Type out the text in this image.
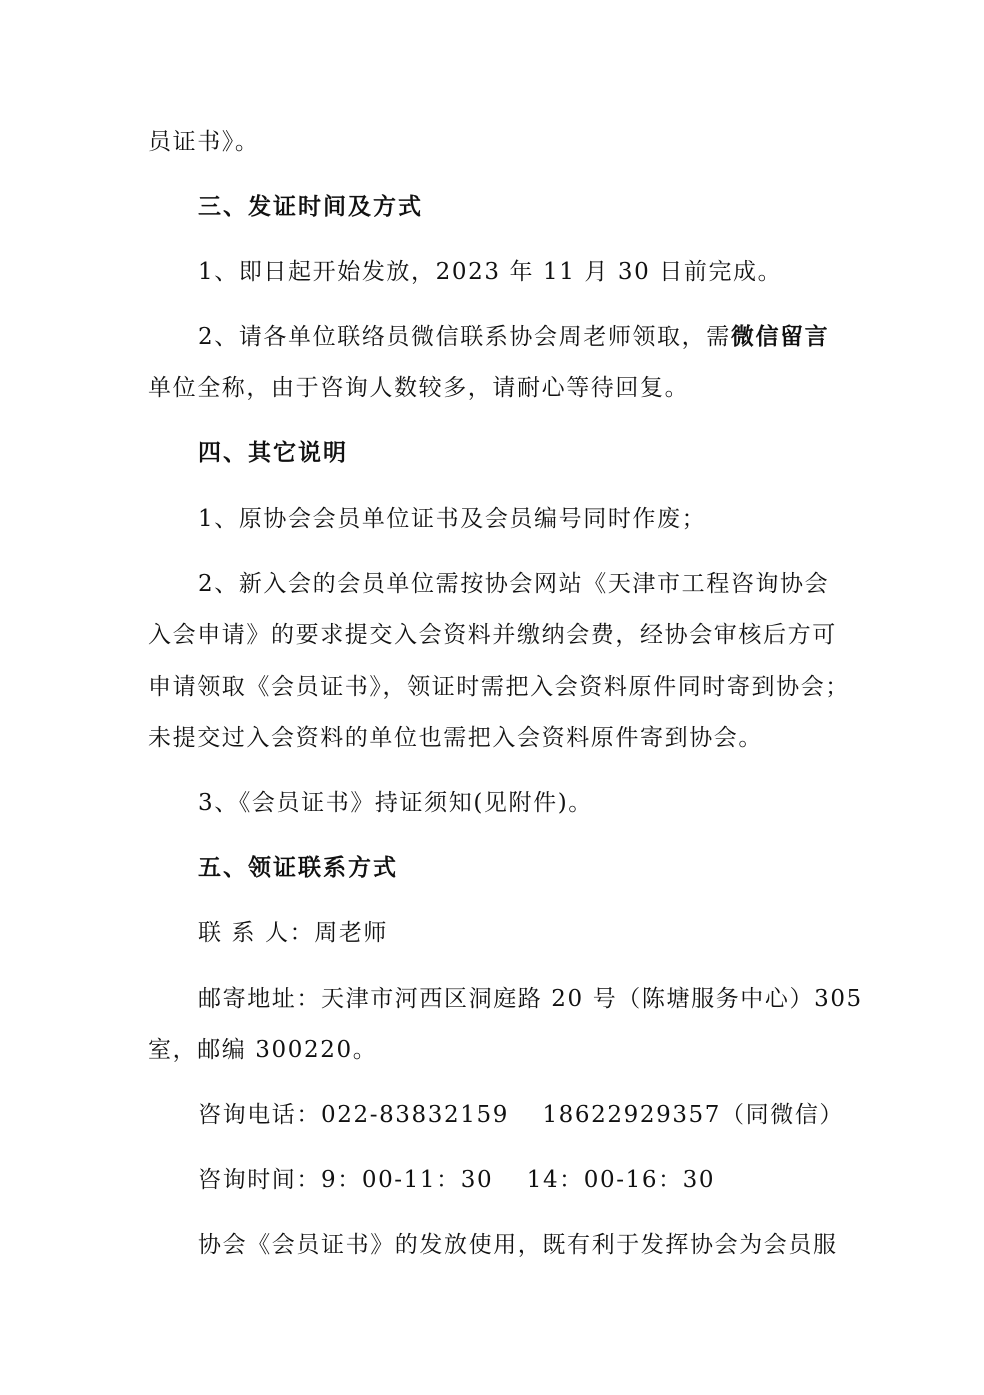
员证书》。
三、发证时间及方式
1、即日起开始发放，2023 年 11 月 30 日前完成。
2、请各单位联络员微信联系协会周老师领取，需微信留言
单位全称，由于咨询人数较多，请耐心等待回复。
四、其它说明
1、原协会会员单位证书及会员编号同时作废；
2、新入会的会员单位需按协会网站《天津市工程咨询协会
入会申请》的要求提交入会资料并缴纳会费，经协会审核后方可
申请领取《会员证书》，领证时需把入会资料原件同时寄到协会；
未提交过入会资料的单位也需把入会资料原件寄到协会。
3、《会员证书》持证须知(见附件)。
五、领证联系方式
联 系 人：周老师
邮寄地址：天津市河西区洞庭路 20 号（陈塘服务中心）305
室，邮编 300220。
咨询电话：022-83832159　 18622929357（同微信）
咨询时间：9：00-11：30　 14：00-16：30
协会《会员证书》的发放使用，既有利于发挥协会为会员服
